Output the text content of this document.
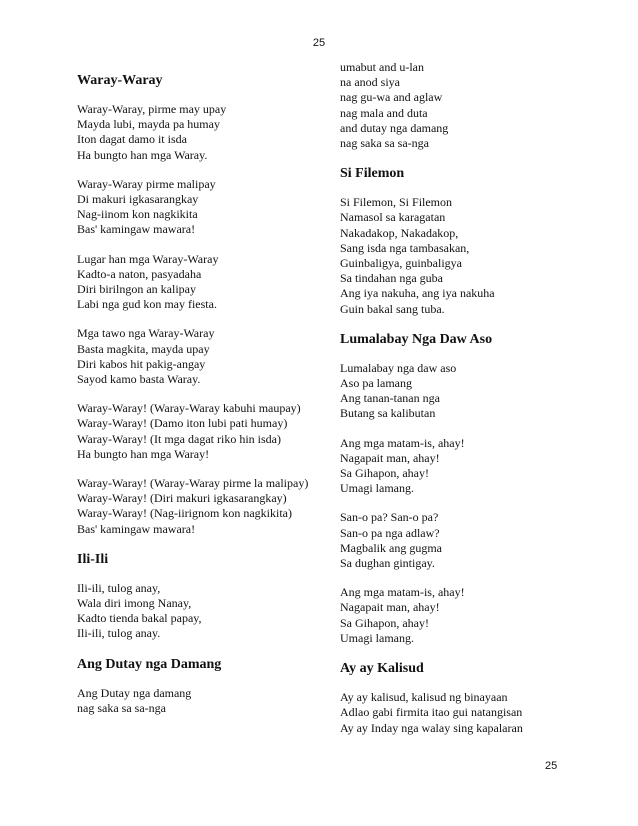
25
Waray-Waray
Waray-Waray, pirme may upay
Mayda lubi, mayda pa humay
Iton dagat damo it isda
Ha bungto han mga Waray.
Waray-Waray pirme malipay
Di makuri igkasarangkay
Nag-iinom kon nagkikita
Bas' kamingaw mawara!
Lugar han mga Waray-Waray
Kadto-a naton, pasyadaha
Diri birilngon an kalipay
Labi nga gud kon may fiesta.
Mga tawo nga Waray-Waray
Basta magkita, mayda upay
Diri kabos hit pakig-angay
Sayod kamo basta Waray.
Waray-Waray! (Waray-Waray kabuhi maupay)
Waray-Waray! (Damo iton lubi pati humay)
Waray-Waray! (It mga dagat riko hin isda)
Ha bungto han mga Waray!
Waray-Waray! (Waray-Waray pirme la malipay)
Waray-Waray! (Diri makuri igkasarangkay)
Waray-Waray! (Nag-iirignom kon nagkikita)
Bas' kamingaw mawara!
Ili-Ili
Ili-ili, tulog anay,
Wala diri imong Nanay,
Kadto tienda bakal papay,
Ili-ili, tulog anay.
Ang Dutay nga Damang
Ang Dutay nga damang
nag saka sa sa-nga
umabut and u-lan
na anod siya
nag gu-wa and aglaw
nag mala and duta
and dutay nga damang
nag saka sa sa-nga
Si Filemon
Si Filemon, Si Filemon
Namasol sa karagatan
Nakadakop, Nakadakop,
Sang isda nga tambasakan,
Guinbaligya, guinbaligya
Sa tindahan nga guba
Ang iya nakuha, ang iya nakuha
Guin bakal sang tuba.
Lumalabay Nga Daw Aso
Lumalabay nga daw aso
Aso pa lamang
Ang tanan-tanan nga
Butang sa kalibutan
Ang mga matam-is, ahay!
Nagapait man, ahay!
Sa Gihapon, ahay!
Umagi lamang.
San-o pa? San-o pa?
San-o pa nga adlaw?
Magbalik ang gugma
Sa dughan gintigay.
Ang mga matam-is, ahay!
Nagapait man, ahay!
Sa Gihapon, ahay!
Umagi lamang.
Ay ay Kalisud
Ay ay kalisud, kalisud ng binayaan
Adlao gabi firmita itao gui natangisan
Ay ay Inday nga walay sing kapalaran
25
